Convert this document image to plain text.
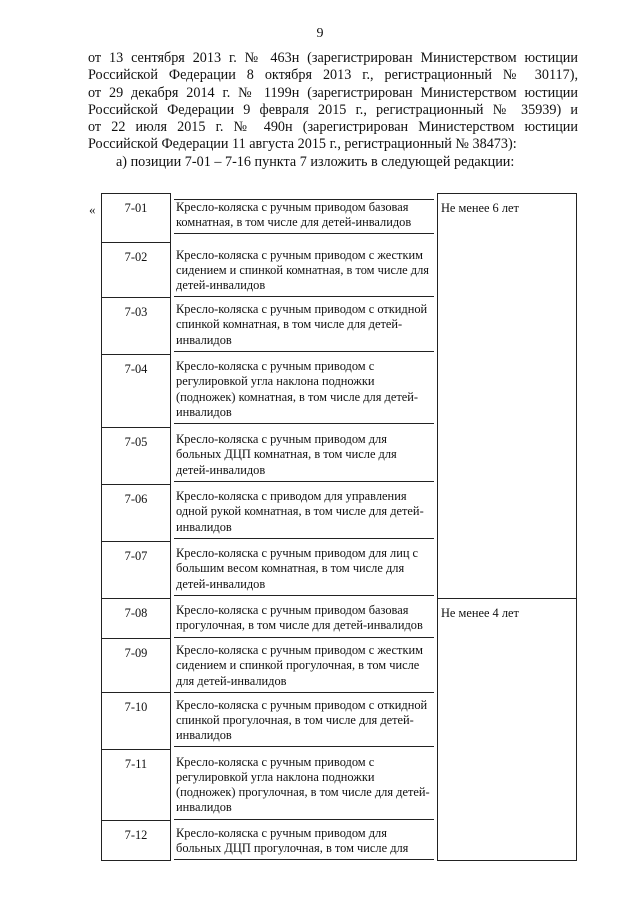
9
от 13 сентября 2013 г. № 463н (зарегистрирован Министерством юстиции
Российской Федерации 8 октября 2013 г., регистрационный № 30117),
от 29 декабря 2014 г. № 1199н (зарегистрирован Министерством юстиции
Российской Федерации 9 февраля 2015 г., регистрационный № 35939) и
от 22 июля 2015 г. № 490н (зарегистрирован Министерством юстиции
Российской Федерации 11 августа 2015 г., регистрационный № 38473):
а) позиции 7-01 – 7-16 пункта 7 изложить в следующей редакции:
«	7-01	Кресло-коляска с ручным приводом базовая комнатная, в том числе для детей-инвалидов	Не менее 6 лет

7-02	Кресло-коляска с ручным приводом с жестким сидением и спинкой комнатная, в том числе для детей-инвалидов	

7-03	Кресло-коляска с ручным приводом с откидной спинкой комнатная, в том числе для детей-инвалидов	

7-04	Кресло-коляска с ручным приводом с регулировкой угла наклона подножки (подножек) комнатная, в том числе для детей-инвалидов	

7-05	Кресло-коляска с ручным приводом для больных ДЦП комнатная, в том числе для детей-инвалидов	

7-06	Кресло-коляска с приводом для управления одной рукой комнатная, в том числе для детей-инвалидов	

7-07	Кресло-коляска с ручным приводом для лиц с большим весом комнатная, в том числе для детей-инвалидов	

7-08	Кресло-коляска с ручным приводом базовая прогулочная, в том числе для детей-инвалидов	Не менее 4 лет

7-09	Кресло-коляска с ручным приводом с жестким сидением и спинкой прогулочная, в том числе для детей-инвалидов	

7-10	Кресло-коляска с ручным приводом с откидной спинкой прогулочная, в том числе для детей-инвалидов	

7-11	Кресло-коляска с ручным приводом с регулировкой угла наклона подножки (подножек) прогулочная, в том числе для детей-инвалидов	

7-12	Кресло-коляска с ручным приводом для больных ДЦП прогулочная, в том числе для	
